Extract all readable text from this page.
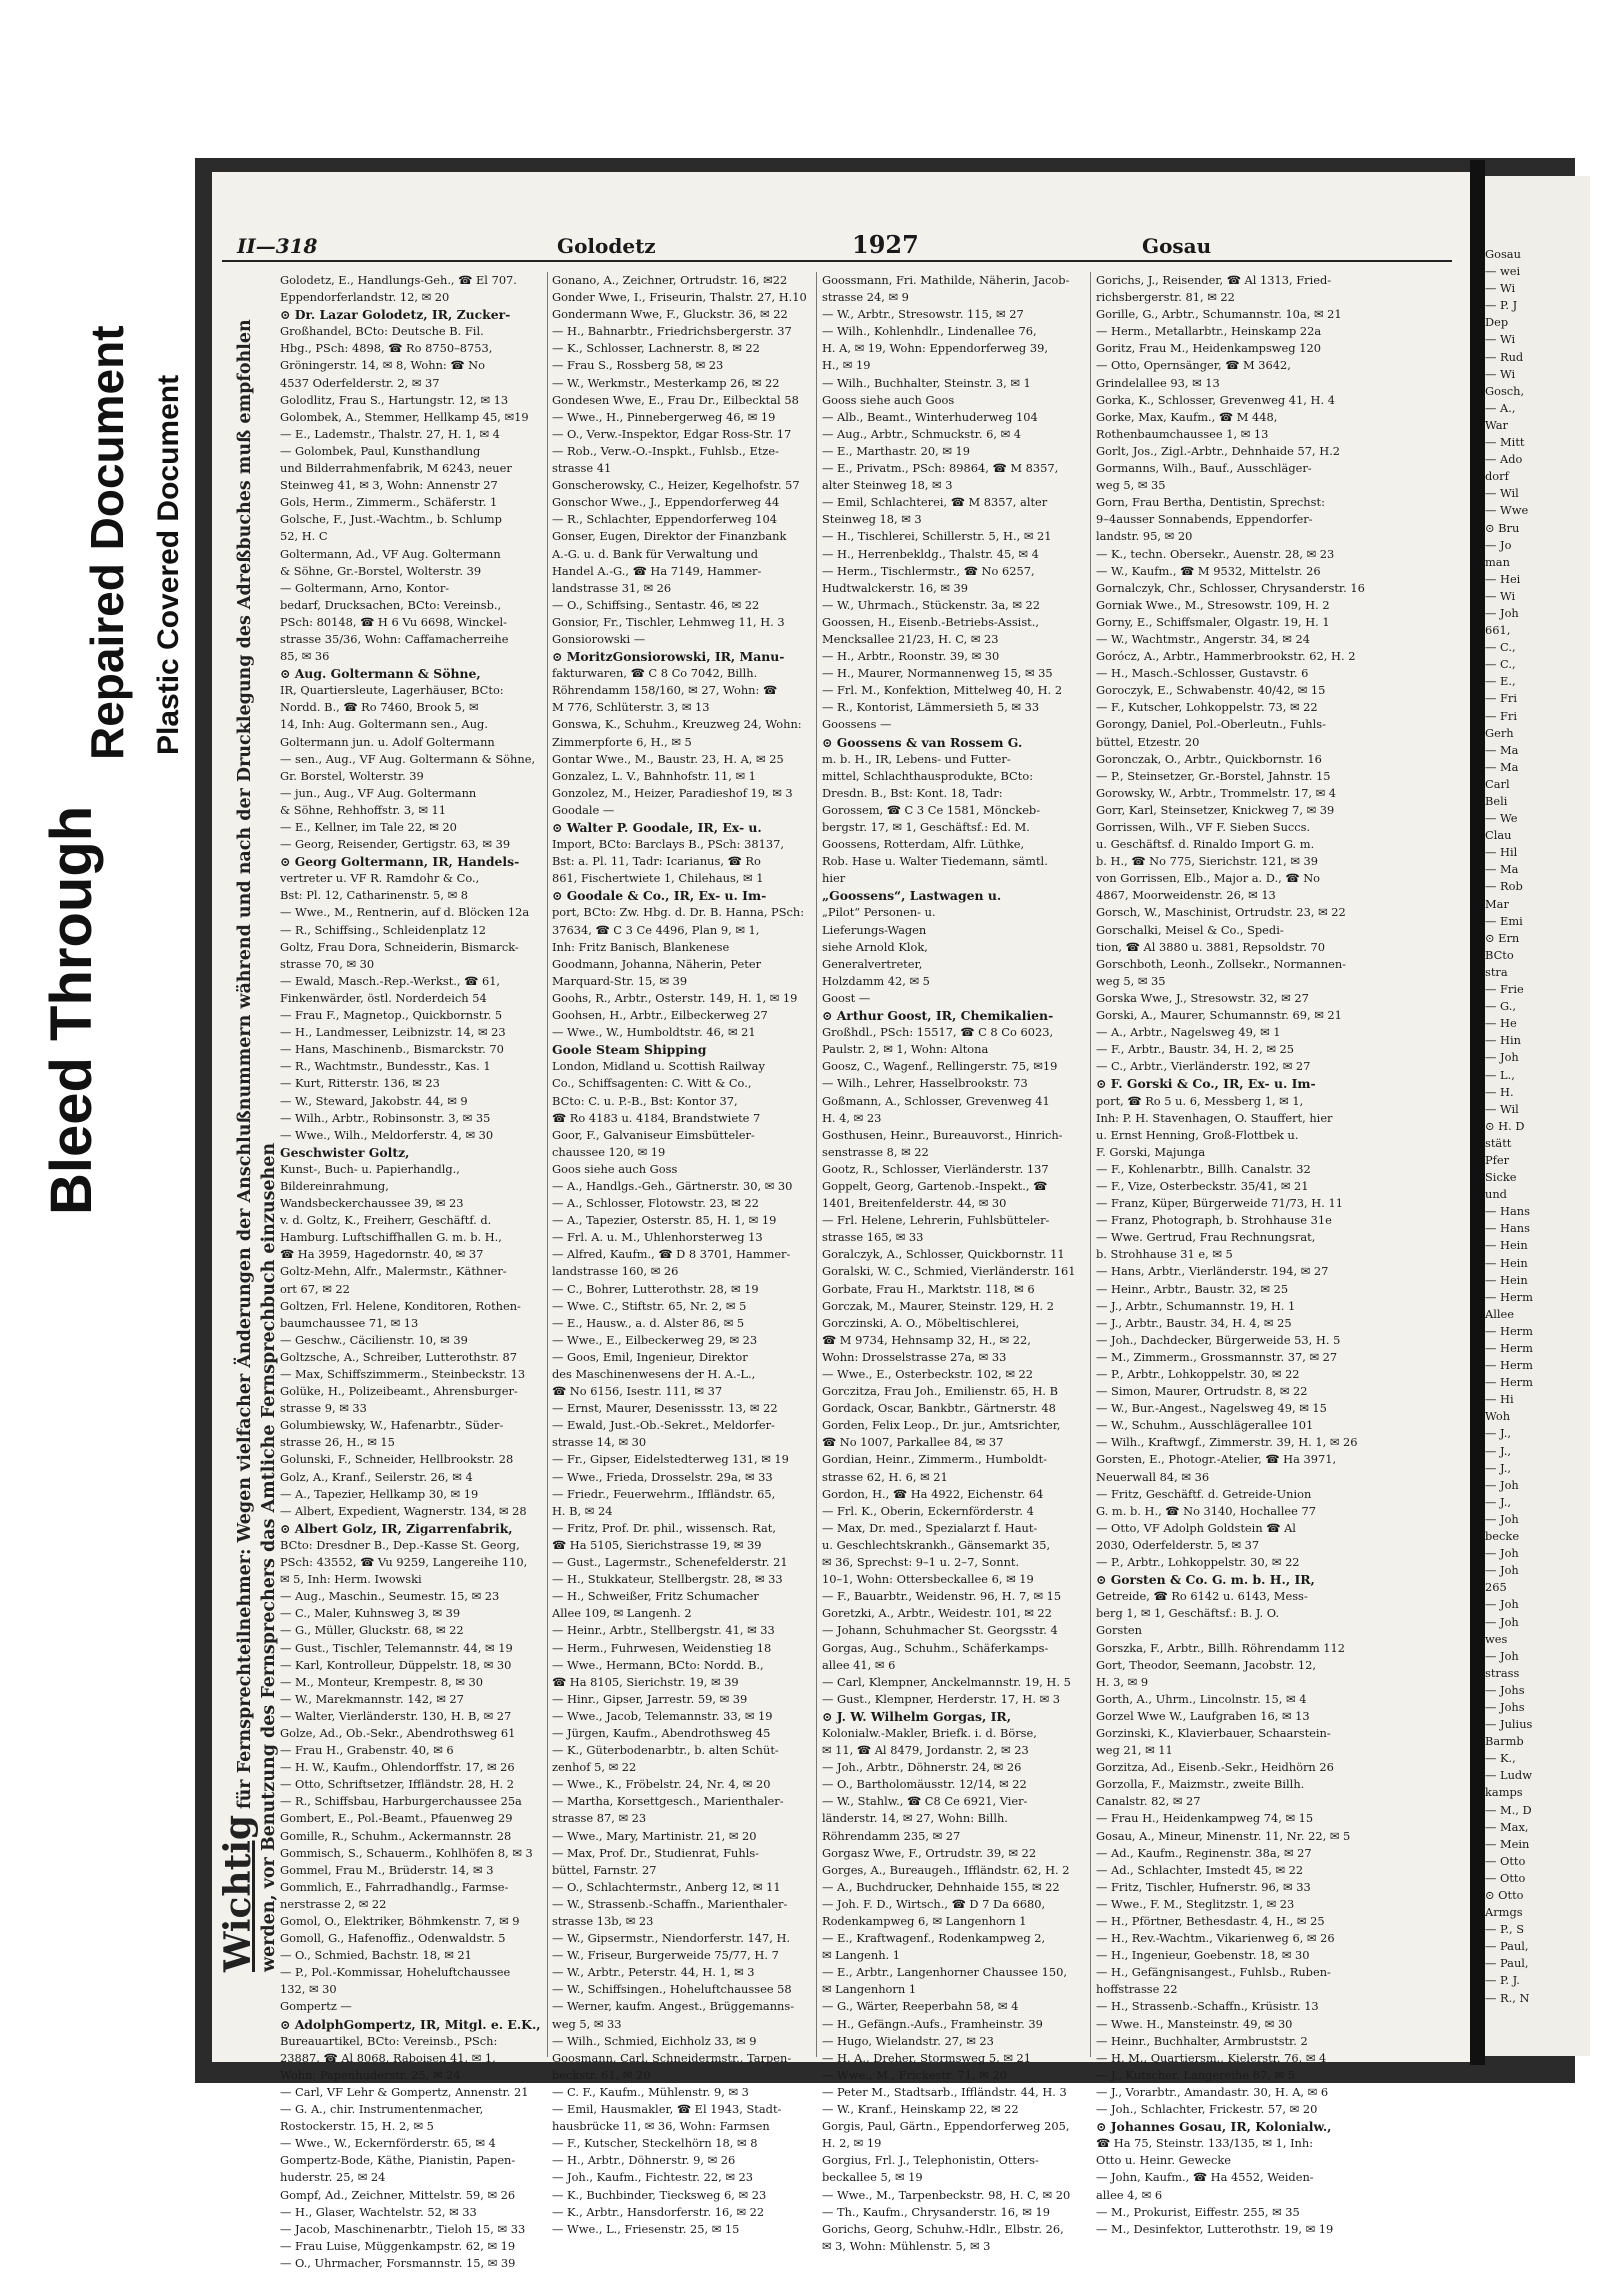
Bleed Through
Repaired Document Plastic Covered Document
II—318	Golodetz	1927	Gosau
Wichtigfür Fernsprechteilnehmer: Wegen vielfacher Änderungen der Anschlußnummern während und nach der Drucklegung des Adreßbuches muß empfohlen werden, vor Benutzung des Fernsprechers das Amtliche Fernsprechbuch einzusehen
Golodetz, E., Handlungs-Geh., ☎ El 707.
Eppendorferlandstr. 12, ✉ 20
⊙ Dr. Lazar Golodetz, IR, Zucker-
Großhandel, BCto: Deutsche B. Fil.
Hbg., PSch: 4898, ☎ Ro 8750–8753,
Gröningerstr. 14, ✉ 8, Wohn: ☎ No
4537 Oderfelderstr. 2, ✉ 37
Golodlitz, Frau S., Hartungstr. 12, ✉ 13
Golombek, A., Stemmer, Hellkamp 45, ✉19
— E., Lademstr., Thalstr. 27, H. 1, ✉ 4
— Golombek, Paul, Kunsthandlung
und Bilderrahmenfabrik, M 6243, neuer
Steinweg 41, ✉ 3, Wohn: Annenstr 27
Gols, Herm., Zimmerm., Schäferstr. 1
Golsche, F., Just.-Wachtm., b. Schlump
52, H. C
Goltermann, Ad., VF Aug. Goltermann
& Söhne, Gr.-Borstel, Wolterstr. 39
— Goltermann, Arno, Kontor-
bedarf, Drucksachen, BCto: Vereinsb.,
PSch: 80148, ☎ H 6 Vu 6698, Winckel-
strasse 35/36, Wohn: Caffamacherreihe
85, ✉ 36
⊙ Aug. Goltermann & Söhne,
IR, Quartiersleute, Lagerhäuser, BCto:
Nordd. B., ☎ Ro 7460, Brook 5, ✉
14, Inh: Aug. Goltermann sen., Aug.
Goltermann jun. u. Adolf Goltermann
— sen., Aug., VF Aug. Goltermann & Söhne,
Gr. Borstel, Wolterstr. 39
— jun., Aug., VF Aug. Goltermann
& Söhne, Rehhoffstr. 3, ✉ 11
— E., Kellner, im Tale 22, ✉ 20
— Georg, Reisender, Gertigstr. 63, ✉ 39
⊙ Georg Goltermann, IR, Handels-
vertreter u. VF R. Ramdohr & Co.,
Bst: Pl. 12, Catharinenstr. 5, ✉ 8
— Wwe., M., Rentnerin, auf d. Blöcken 12a
— R., Schiffsing., Schleidenplatz 12
Goltz, Frau Dora, Schneiderin, Bismarck-
strasse 70, ✉ 30
— Ewald, Masch.-Rep.-Werkst., ☎ 61,
Finkenwärder, östl. Norderdeich 54
— Frau F., Magnetop., Quickbornstr. 5
— H., Landmesser, Leibnizstr. 14, ✉ 23
— Hans, Maschinenb., Bismarckstr. 70
— R., Wachtmstr., Bundesstr., Kas. 1
— Kurt, Ritterstr. 136, ✉ 23
— W., Steward, Jakobstr. 44, ✉ 9
— Wilh., Arbtr., Robinsonstr. 3, ✉ 35
— Wwe., Wilh., Meldorferstr. 4, ✉ 30
Geschwister Goltz,
Kunst-, Buch- u. Papierhandlg.,
Bildereinrahmung,
Wandsbeckerchaussee 39, ✉ 23
v. d. Goltz, K., Freiherr, Geschäftf. d.
Hamburg. Luftschiffhallen G. m. b. H.,
☎ Ha 3959, Hagedornstr. 40, ✉ 37
Goltz-Mehn, Alfr., Malermstr., Käthner-
ort 67, ✉ 22
Goltzen, Frl. Helene, Konditoren, Rothen-
baumchaussee 71, ✉ 13
— Geschw., Cäcilienstr. 10, ✉ 39
Goltzsche, A., Schreiber, Lutterothstr. 87
— Max, Schiffszimmerm., Steinbeckstr. 13
Golüke, H., Polizeibeamt., Ahrensburger-
strasse 9, ✉ 33
Golumbiewsky, W., Hafenarbtr., Süder-
strasse 26, H., ✉ 15
Golunski, F., Schneider, Hellbrookstr. 28
Golz, A., Kranf., Seilerstr. 26, ✉ 4
— A., Tapezier, Hellkamp 30, ✉ 19
— Albert, Expedient, Wagnerstr. 134, ✉ 28
⊙ Albert Golz, IR, Zigarrenfabrik,
BCto: Dresdner B., Dep.-Kasse St. Georg,
PSch: 43552, ☎ Vu 9259, Langereihe 110,
✉ 5, Inh: Herm. Iwowski
— Aug., Maschin., Seumestr. 15, ✉ 23
— C., Maler, Kuhnsweg 3, ✉ 39
— G., Müller, Gluckstr. 68, ✉ 22
— Gust., Tischler, Telemannstr. 44, ✉ 19
— Karl, Kontrolleur, Düppelstr. 18, ✉ 30
— M., Monteur, Krempestr. 8, ✉ 30
— W., Marekmannstr. 142, ✉ 27
— Walter, Vierländerstr. 130, H. B, ✉ 27
Golze, Ad., Ob.-Sekr., Abendrothsweg 61
— Frau H., Grabenstr. 40, ✉ 6
— H. W., Kaufm., Ohlendorffstr. 17, ✉ 26
— Otto, Schriftsetzer, Iffländstr. 28, H. 2
— R., Schiffsbau, Harburgerchaussee 25a
Gombert, E., Pol.-Beamt., Pfauenweg 29
Gomille, R., Schuhm., Ackermannstr. 28
Gommisch, S., Schauerm., Kohlhöfen 8, ✉ 3
Gommel, Frau M., Brüderstr. 14, ✉ 3
Gommlich, E., Fahrradhandlg., Farmse-
nerstrasse 2, ✉ 22
Gomol, O., Elektriker, Böhmkenstr. 7, ✉ 9
Gomoll, G., Hafenoffiz., Odenwaldstr. 5
— O., Schmied, Bachstr. 18, ✉ 21
— P., Pol.-Kommissar, Hoheluftchaussee
132, ✉ 30
Gompertz —
⊙ AdolphGompertz, IR, Mitgl. e. E.K.,
Bureauartikel, BCto: Vereinsb., PSch:
23887, ☎ Al 8068, Raboisen 41, ✉ 1,
Wohn: Papenhuderstr. 25, ✉ 24
— Carl, VF Lehr & Gompertz, Annenstr. 21
— G. A., chir. Instrumentenmacher,
Rostockerstr. 15, H. 2, ✉ 5
— Wwe., W., Eckernförderstr. 65, ✉ 4
Gompertz-Bode, Käthe, Pianistin, Papen-
huderstr. 25, ✉ 24
Gompf, Ad., Zeichner, Mittelstr. 59, ✉ 26
— H., Glaser, Wachtelstr. 52, ✉ 33
— Jacob, Maschinenarbtr., Tieloh 15, ✉ 33
— Frau Luise, Müggenkampstr. 62, ✉ 19
— O., Uhrmacher, Forsmannstr. 15, ✉ 39
Gonano, A., Zeichner, Ortrudstr. 16, ✉22
Gonder Wwe, I., Friseurin, Thalstr. 27, H.10
Gondermann Wwe, F., Gluckstr. 36, ✉ 22
— H., Bahnarbtr., Friedrichsbergerstr. 37
— K., Schlosser, Lachnerstr. 8, ✉ 22
— Frau S., Rossberg 58, ✉ 23
— W., Werkmstr., Mesterkamp 26, ✉ 22
Gondesen Wwe, E., Frau Dr., Eilbecktal 58
— Wwe., H., Pinnebergerweg 46, ✉ 19
— O., Verw.-Inspektor, Edgar Ross-Str. 17
— Rob., Verw.-O.-Inspkt., Fuhlsb., Etze-
strasse 41
Gonscherowsky, C., Heizer, Kegelhofstr. 57
Gonschor Wwe., J., Eppendorferweg 44
— R., Schlachter, Eppendorferweg 104
Gonser, Eugen, Direktor der Finanzbank
A.-G. u. d. Bank für Verwaltung und
Handel A.-G., ☎ Ha 7149, Hammer-
landstrasse 31, ✉ 26
— O., Schiffsing., Sentastr. 46, ✉ 22
Gonsior, Fr., Tischler, Lehmweg 11, H. 3
Gonsiorowski —
⊙ MoritzGonsiorowski, IR, Manu-
fakturwaren, ☎ C 8 Co 7042, Billh.
Röhrendamm 158/160, ✉ 27, Wohn: ☎
M 776, Schlüterstr. 3, ✉ 13
Gonswa, K., Schuhm., Kreuzweg 24, Wohn:
Zimmerpforte 6, H., ✉ 5
Gontar Wwe., M., Baustr. 23, H. A, ✉ 25
Gonzalez, L. V., Bahnhofstr. 11, ✉ 1
Gonzolez, M., Heizer, Paradieshof 19, ✉ 3
Goodale —
⊙ Walter P. Goodale, IR, Ex- u.
Import, BCto: Barclays B., PSch: 38137,
Bst: a. Pl. 11, Tadr: Icarianus, ☎ Ro
861, Fischertwiete 1, Chilehaus, ✉ 1
⊙ Goodale & Co., IR, Ex- u. Im-
port, BCto: Zw. Hbg. d. Dr. B. Hanna, PSch:
37634, ☎ C 3 Ce 4496, Plan 9, ✉ 1,
Inh: Fritz Banisch, Blankenese
Goodmann, Johanna, Näherin, Peter
Marquard-Str. 15, ✉ 39
Goohs, R., Arbtr., Osterstr. 149, H. 1, ✉ 19
Goohsen, H., Arbtr., Eilbeckerweg 27
— Wwe., W., Humboldtstr. 46, ✉ 21
Goole Steam Shipping
London, Midland u. Scottish Railway
Co., Schiffsagenten: C. Witt & Co.,
BCto: C. u. P.-B., Bst: Kontor 37,
☎ Ro 4183 u. 4184, Brandstwiete 7
Goor, F., Galvaniseur Eimsbütteler-
chaussee 120, ✉ 19
Goos siehe auch Goss
— A., Handlgs.-Geh., Gärtnerstr. 30, ✉ 30
— A., Schlosser, Flotowstr. 23, ✉ 22
— A., Tapezier, Osterstr. 85, H. 1, ✉ 19
— Frl. A. u. M., Uhlenhorsterweg 13
— Alfred, Kaufm., ☎ D 8 3701, Hammer-
landstrasse 160, ✉ 26
— C., Bohrer, Lutterothstr. 28, ✉ 19
— Wwe. C., Stiftstr. 65, Nr. 2, ✉ 5
— E., Hausw., a. d. Alster 86, ✉ 5
— Wwe., E., Eilbeckerweg 29, ✉ 23
— Goos, Emil, Ingenieur, Direktor
des Maschinenwesens der H. A.-L.,
☎ No 6156, Isestr. 111, ✉ 37
— Ernst, Maurer, Desenissstr. 13, ✉ 22
— Ewald, Just.-Ob.-Sekret., Meldorfer-
strasse 14, ✉ 30
— Fr., Gipser, Eidelstedterweg 131, ✉ 19
— Wwe., Frieda, Drosselstr. 29a, ✉ 33
— Friedr., Feuerwehrm., Iffländstr. 65,
H. B, ✉ 24
— Fritz, Prof. Dr. phil., wissensch. Rat,
☎ Ha 5105, Sierichstrasse 19, ✉ 39
— Gust., Lagermstr., Schenefelderstr. 21
— H., Stukkateur, Stellbergstr. 28, ✉ 33
— H., Schweißer, Fritz Schumacher
Allee 109, ✉ Langenh. 2
— Heinr., Arbtr., Stellbergstr. 41, ✉ 33
— Herm., Fuhrwesen, Weidenstieg 18
— Wwe., Hermann, BCto: Nordd. B.,
☎ Ha 8105, Sierichstr. 19, ✉ 39
— Hinr., Gipser, Jarrestr. 59, ✉ 39
— Wwe., Jacob, Telemannstr. 33, ✉ 19
— Jürgen, Kaufm., Abendrothsweg 45
— K., Güterbodenarbtr., b. alten Schüt-
zenhof 5, ✉ 22
— Wwe., K., Fröbelstr. 24, Nr. 4, ✉ 20
— Martha, Korsettgesch., Marienthaler-
strasse 87, ✉ 23
— Wwe., Mary, Martinistr. 21, ✉ 20
— Max, Prof. Dr., Studienrat, Fuhls-
büttel, Farnstr. 27
— O., Schlachtermstr., Anberg 12, ✉ 11
— W., Strassenb.-Schaffn., Marienthaler-
strasse 13b, ✉ 23
— W., Gipsermstr., Niendorferstr. 147, H.
— W., Friseur, Burgerweide 75/77, H. 7
— W., Arbtr., Peterstr. 44, H. 1, ✉ 3
— W., Schiffsingen., Hoheluftchaussee 58
— Werner, kaufm. Angest., Brüggemanns-
weg 5, ✉ 33
— Wilh., Schmied, Eichholz 33, ✉ 9
Goosmann, Carl, Schneidermstr., Tarpen-
beckstr. 61, ✉ 20
— C. F., Kaufm., Mühlenstr. 9, ✉ 3
— Emil, Hausmakler, ☎ El 1943, Stadt-
hausbrücke 11, ✉ 36, Wohn: Farmsen
— F., Kutscher, Steckelhörn 18, ✉ 8
— H., Arbtr., Döhnerstr. 9, ✉ 26
— Joh., Kaufm., Fichtestr. 22, ✉ 23
— K., Buchbinder, Tiecksweg 6, ✉ 23
— K., Arbtr., Hansdorferstr. 16, ✉ 22
— Wwe., L., Friesenstr. 25, ✉ 15
Goossmann, Fri. Mathilde, Näherin, Jacob-
strasse 24, ✉ 9
— W., Arbtr., Stresowstr. 115, ✉ 27
— Wilh., Kohlenhdlr., Lindenallee 76,
H. A, ✉ 19, Wohn: Eppendorferweg 39,
H., ✉ 19
— Wilh., Buchhalter, Steinstr. 3, ✉ 1
Gooss siehe auch Goos
— Alb., Beamt., Winterhuderweg 104
— Aug., Arbtr., Schmuckstr. 6, ✉ 4
— E., Marthastr. 20, ✉ 19
— E., Privatm., PSch: 89864, ☎ M 8357,
alter Steinweg 18, ✉ 3
— Emil, Schlachterei, ☎ M 8357, alter
Steinweg 18, ✉ 3
— H., Tischlerei, Schillerstr. 5, H., ✉ 21
— H., Herrenbekldg., Thalstr. 45, ✉ 4
— Herm., Tischlermstr., ☎ No 6257,
Hudtwalckerstr. 16, ✉ 39
— W., Uhrmach., Stückenstr. 3a, ✉ 22
Goossen, H., Eisenb.-Betriebs-Assist.,
Mencksallee 21/23, H. C, ✉ 23
— H., Arbtr., Roonstr. 39, ✉ 30
— H., Maurer, Normannenweg 15, ✉ 35
— Frl. M., Konfektion, Mittelweg 40, H. 2
— R., Kontorist, Lämmersieth 5, ✉ 33
Goossens —
⊙ Goossens & van Rossem G.
m. b. H., IR, Lebens- und Futter-
mittel, Schlachthausprodukte, BCto:
Dresdn. B., Bst: Kont. 18, Tadr:
Gorossem, ☎ C 3 Ce 1581, Mönckeb-
bergstr. 17, ✉ 1, Geschäftsf.: Ed. M.
Goossens, Rotterdam, Alfr. Lüthke,
Rob. Hase u. Walter Tiedemann, sämtl.
hier
„Goossens“, Lastwagen u.
„Pilot“ Personen- u.
Lieferungs-Wagen
siehe Arnold Klok,
Generalvertreter,
Holzdamm 42, ✉ 5
Goost —
⊙ Arthur Goost, IR, Chemikalien-
Großhdl., PSch: 15517, ☎ C 8 Co 6023,
Paulstr. 2, ✉ 1, Wohn: Altona
Goosz, C., Wagenf., Rellingerstr. 75, ✉19
— Wilh., Lehrer, Hasselbrookstr. 73
Goßmann, A., Schlosser, Grevenweg 41
H. 4, ✉ 23
Gosthusen, Heinr., Bureauvorst., Hinrich-
senstrasse 8, ✉ 22
Gootz, R., Schlosser, Vierländerstr. 137
Goppelt, Georg, Gartenob.-Inspekt., ☎
1401, Breitenfelderstr. 44, ✉ 30
— Frl. Helene, Lehrerin, Fuhlsbütteler-
strasse 165, ✉ 33
Goralczyk, A., Schlosser, Quickbornstr. 11
Goralski, W. C., Schmied, Vierländerstr. 161
Gorbate, Frau H., Marktstr. 118, ✉ 6
Gorczak, M., Maurer, Steinstr. 129, H. 2
Gorczinski, A. O., Möbeltischlerei,
☎ M 9734, Hehnsamp 32, H., ✉ 22,
Wohn: Drosselstrasse 27a, ✉ 33
— Wwe., E., Osterbeckstr. 102, ✉ 22
Gorczitza, Frau Joh., Emilienstr. 65, H. B
Gordack, Oscar, Bankbtr., Gärtnerstr. 48
Gorden, Felix Leop., Dr. jur., Amtsrichter,
☎ No 1007, Parkallee 84, ✉ 37
Gordian, Heinr., Zimmerm., Humboldt-
strasse 62, H. 6, ✉ 21
Gordon, H., ☎ Ha 4922, Eichenstr. 64
— Frl. K., Oberin, Eckernförderstr. 4
— Max, Dr. med., Spezialarzt f. Haut-
u. Geschlechtskrankh., Gänsemarkt 35,
✉ 36, Sprechst: 9–1 u. 2–7, Sonnt.
10–1, Wohn: Ottersbeckallee 6, ✉ 19
— F., Bauarbtr., Weidenstr. 96, H. 7, ✉ 15
Goretzki, A., Arbtr., Weidestr. 101, ✉ 22
— Johann, Schuhmacher St. Georgsstr. 4
Gorgas, Aug., Schuhm., Schäferkamps-
allee 41, ✉ 6
— Carl, Klempner, Anckelmannstr. 19, H. 5
— Gust., Klempner, Herderstr. 17, H. ✉ 3
⊙ J. W. Wilhelm Gorgas, IR,
Kolonialw.-Makler, Briefk. i. d. Börse,
✉ 11, ☎ Al 8479, Jordanstr. 2, ✉ 23
— Joh., Arbtr., Döhnerstr. 24, ✉ 26
— O., Bartholomäusstr. 12/14, ✉ 22
— W., Stahlw., ☎ C8 Ce 6921, Vier-
länderstr. 14, ✉ 27, Wohn: Billh.
Röhrendamm 235, ✉ 27
Gorgasz Wwe, F., Ortrudstr. 39, ✉ 22
Gorges, A., Bureaugeh., Iffländstr. 62, H. 2
— A., Buchdrucker, Dehnhaide 155, ✉ 22
— Joh. F. D., Wirtsch., ☎ D 7 Da 6680,
Rodenkampweg 6, ✉ Langenhorn 1
— E., Kraftwagenf., Rodenkampweg 2,
✉ Langenh. 1
— E., Arbtr., Langenhorner Chaussee 150,
✉ Langenhorn 1
— G., Wärter, Reeperbahn 58, ✉ 4
— H., Gefängn.-Aufs., Framheinstr. 39
— Hugo, Wielandstr. 27, ✉ 23
— H. A., Dreher, Stormsweg 5, ✉ 21
— Wwe., M., Frickestr. 71, ✉ 20
— Peter M., Stadtsarb., Iffländstr. 44, H. 3
— W., Kranf., Heinskamp 22, ✉ 22
Gorgis, Paul, Gärtn., Eppendorferweg 205,
H. 2, ✉ 19
Gorgius, Frl. J., Telephonistin, Otters-
beckallee 5, ✉ 19
— Wwe., M., Tarpenbeckstr. 98, H. C, ✉ 20
— Th., Kaufm., Chrysanderstr. 16, ✉ 19
Gorichs, Georg, Schuhw.-Hdlr., Elbstr. 26,
✉ 3, Wohn: Mühlenstr. 5, ✉ 3
Gorichs, J., Reisender, ☎ Al 1313, Fried-
richsbergerstr. 81, ✉ 22
Gorille, G., Arbtr., Schumannstr. 10a, ✉ 21
— Herm., Metallarbtr., Heinskamp 22a
Goritz, Frau M., Heidenkampsweg 120
— Otto, Opernsänger, ☎ M 3642,
Grindelallee 93, ✉ 13
Gorka, K., Schlosser, Grevenweg 41, H. 4
Gorke, Max, Kaufm., ☎ M 448,
Rothenbaumchaussee 1, ✉ 13
Gorlt, Jos., Zigl.-Arbtr., Dehnhaide 57, H.2
Gormanns, Wilh., Bauf., Ausschläger-
weg 5, ✉ 35
Gorn, Frau Bertha, Dentistin, Sprechst:
9–4ausser Sonnabends, Eppendorfer-
landstr. 95, ✉ 20
— K., techn. Obersekr., Auenstr. 28, ✉ 23
— W., Kaufm., ☎ M 9532, Mittelstr. 26
Gornalczyk, Chr., Schlosser, Chrysanderstr. 16
Gorniak Wwe., M., Stresowstr. 109, H. 2
Gorny, E., Schiffsmaler, Olgastr. 19, H. 1
— W., Wachtmstr., Angerstr. 34, ✉ 24
Gorócz, A., Arbtr., Hammerbrookstr. 62, H. 2
— H., Masch.-Schlosser, Gustavstr. 6
Goroczyk, E., Schwabenstr. 40/42, ✉ 15
— F., Kutscher, Lohkoppelstr. 73, ✉ 22
Gorongy, Daniel, Pol.-Oberleutn., Fuhls-
büttel, Etzestr. 20
Goronczak, O., Arbtr., Quickbornstr. 16
— P., Steinsetzer, Gr.-Borstel, Jahnstr. 15
Gorowsky, W., Arbtr., Trommelstr. 17, ✉ 4
Gorr, Karl, Steinsetzer, Knickweg 7, ✉ 39
Gorrissen, Wilh., VF F. Sieben Succs.
u. Geschäftsf. d. Rinaldo Import G. m.
b. H., ☎ No 775, Sierichstr. 121, ✉ 39
von Gorrissen, Elb., Major a. D., ☎ No
4867, Moorweidenstr. 26, ✉ 13
Gorsch, W., Maschinist, Ortrudstr. 23, ✉ 22
Gorschalki, Meisel & Co., Spedi-
tion, ☎ Al 3880 u. 3881, Repsoldstr. 70
Gorschboth, Leonh., Zollsekr., Normannen-
weg 5, ✉ 35
Gorska Wwe, J., Stresowstr. 32, ✉ 27
Gorski, A., Maurer, Schumannstr. 69, ✉ 21
— A., Arbtr., Nagelsweg 49, ✉ 1
— F., Arbtr., Baustr. 34, H. 2, ✉ 25
— C., Arbtr., Vierländerstr. 192, ✉ 27
⊙ F. Gorski & Co., IR, Ex- u. Im-
port, ☎ Ro 5 u. 6, Messberg 1, ✉ 1,
Inh: P. H. Stavenhagen, O. Stauffert, hier
u. Ernst Henning, Groß-Flottbek u.
F. Gorski, Majunga
— F., Kohlenarbtr., Billh. Canalstr. 32
— F., Vize, Osterbeckstr. 35/41, ✉ 21
— Franz, Küper, Bürgerweide 71/73, H. 11
— Franz, Photograph, b. Strohhause 31e
— Wwe. Gertrud, Frau Rechnungsrat,
b. Strohhause 31 e, ✉ 5
— Hans, Arbtr., Vierländerstr. 194, ✉ 27
— Heinr., Arbtr., Baustr. 32, ✉ 25
— J., Arbtr., Schumannstr. 19, H. 1
— J., Arbtr., Baustr. 34, H. 4, ✉ 25
— Joh., Dachdecker, Bürgerweide 53, H. 5
— M., Zimmerm., Grossmannstr. 37, ✉ 27
— P., Arbtr., Lohkoppelstr. 30, ✉ 22
— Simon, Maurer, Ortrudstr. 8, ✉ 22
— W., Bur.-Angest., Nagelsweg 49, ✉ 15
— W., Schuhm., Ausschlägerallee 101
— Wilh., Kraftwgf., Zimmerstr. 39, H. 1, ✉ 26
Gorsten, E., Photogr.-Atelier, ☎ Ha 3971,
Neuerwall 84, ✉ 36
— Fritz, Geschäftf. d. Getreide-Union
G. m. b. H., ☎ No 3140, Hochallee 77
— Otto, VF Adolph Goldstein ☎ Al
2030, Oderfelderstr. 5, ✉ 37
— P., Arbtr., Lohkoppelstr. 30, ✉ 22
⊙ Gorsten & Co. G. m. b. H., IR,
Getreide, ☎ Ro 6142 u. 6143, Mess-
berg 1, ✉ 1, Geschäftsf.: B. J. O.
Gorsten
Gorszka, F., Arbtr., Billh. Röhrendamm 112
Gort, Theodor, Seemann, Jacobstr. 12,
H. 3, ✉ 9
Gorth, A., Uhrm., Lincolnstr. 15, ✉ 4
Gorzel Wwe W., Laufgraben 16, ✉ 13
Gorzinski, K., Klavierbauer, Schaarstein-
weg 21, ✉ 11
Gorzitza, Ad., Eisenb.-Sekr., Heidhörn 26
Gorzolla, F., Maizmstr., zweite Billh.
Canalstr. 82, ✉ 27
— Frau H., Heidenkampweg 74, ✉ 15
Gosau, A., Mineur, Minenstr. 11, Nr. 22, ✉ 5
— Ad., Kaufm., Reginenstr. 38a, ✉ 27
— Ad., Schlachter, Imstedt 45, ✉ 22
— Fritz, Tischler, Hufnerstr. 96, ✉ 33
— Wwe., F. M., Steglitzstr. 1, ✉ 23
— H., Pförtner, Bethesdastr. 4, H., ✉ 25
— H., Rev.-Wachtm., Vikarienweg 6, ✉ 26
— H., Ingenieur, Goebenstr. 18, ✉ 30
— H., Gefängnisangest., Fuhlsb., Ruben-
hoffstrasse 22
— H., Strassenb.-Schaffn., Krüsistr. 13
— Wwe. H., Mansteinstr. 49, ✉ 30
— Heinr., Buchhalter, Armbruststr. 2
— H. M., Quartiersm., Kielerstr. 76, ✉ 4
— J., Kutscher, Langereihe 87, ✉ 5
— J., Vorarbtr., Amandastr. 30, H. A, ✉ 6
— Joh., Schlachter, Frickestr. 57, ✉ 20
⊙ Johannes Gosau, IR, Kolonialw.,
☎ Ha 75, Steinstr. 133/135, ✉ 1, Inh:
Otto u. Heinr. Gewecke
— John, Kaufm., ☎ Ha 4552, Weiden-
allee 4, ✉ 6
— M., Prokurist, Eiffestr. 255, ✉ 35
— M., Desinfektor, Lutterothstr. 19, ✉ 19
Gosau
— wei
— Wi
— P. J
Dep
— Wi
— Rud
— Wi
Gosch,
— A.,
War
— Mitt
— Ado
dorf
— Wil
— Wwe
⊙ Bru
— Jo
man
— Hei
— Wi
— Joh
661,
— C.,
— C.,
— E.,
— Fri
— Fri
Gerh
— Ma
— Ma
Carl
Beli
— We
Clau
— Hil
— Ma
— Rob
Mar
— Emi
⊙ Ern
BCto
stra
— Frie
— G.,
— He
— Hin
— Joh
— L.,
— H.
— Wil
⊙ H. D
stätt
Pfer
Sicke
und
— Hans
— Hans
— Hein
— Hein
— Hein
— Herm
Allee
— Herm
— Herm
— Herm
— Herm
— Hi
Woh
— J.,
— J.,
— J.,
— Joh
— J.,
— Joh
becke
— Joh
— Joh
265
— Joh
— Joh
wes
— Joh
strass
— Johs
— Johs
— Julius
Barmb
— K.,
— Ludw
kamps
— M., D
— Max,
— Mein
— Otto
— Otto
⊙ Otto
Armgs
— P., S
— Paul,
— Paul,
— P. J.
— R., N
